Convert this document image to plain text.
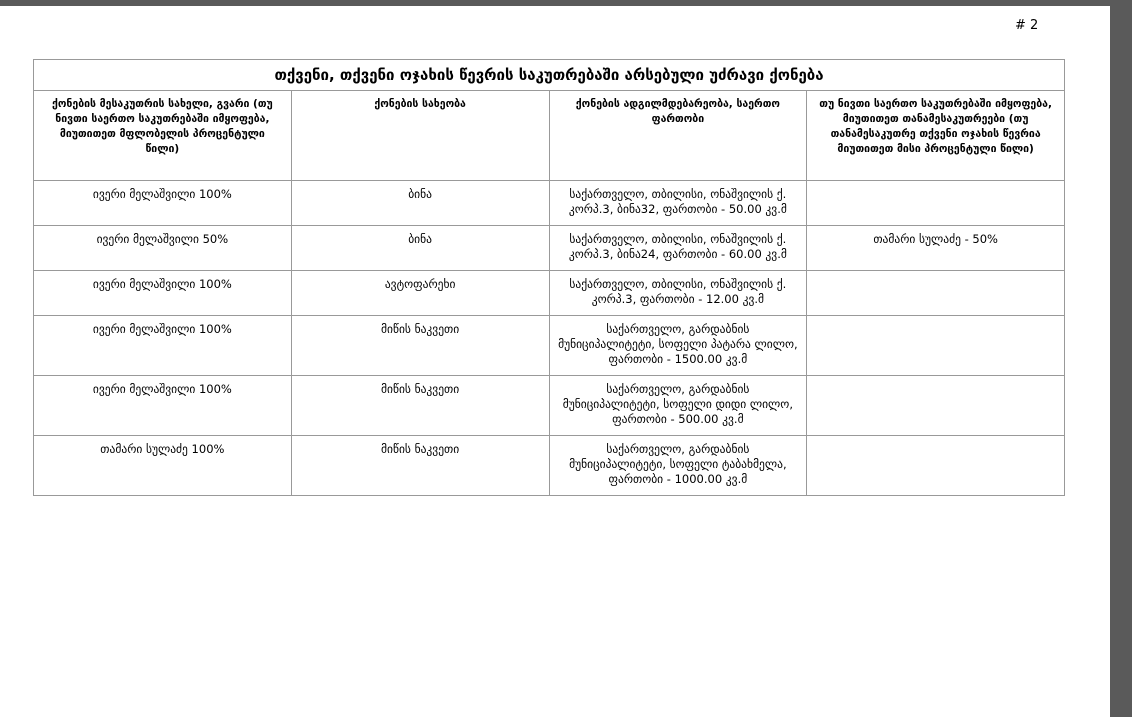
# 2
თქვენი, თქვენი ოჯახის წევრის საკუთრებაში არსებული უძრავი ქონება			
ქონების მესაკუთრის სახელი, გვარი (თუ ნივთი საერთო საკუთრებაში იმყოფება, მიუთითეთ მფლობელის პროცენტული წილი)	ქონების სახეობა	ქონების ადგილმდებარეობა, საერთო ფართობი	თუ ნივთი საერთო საკუთრებაში იმყოფება, მიუთითეთ თანამესაკუთრეები (თუ თანამესაკუთრე თქვენი ოჯახის წევრია მიუთითეთ მისი პროცენტული წილი)
ივერი მელაშვილი 100%	ბინა	საქართველო, თბილისი, ონაშვილის ქ. კორპ.3, ბინა32, ფართობი - 50.00 კვ.მ	
ივერი მელაშვილი 50%	ბინა	საქართველო, თბილისი, ონაშვილის ქ. კორპ.3, ბინა24, ფართობი - 60.00 კვ.მ	თამარი სულაძე - 50%
ივერი მელაშვილი 100%	ავტოფარეხი	საქართველო, თბილისი, ონაშვილის ქ. კორპ.3, ფართობი - 12.00 კვ.მ	
ივერი მელაშვილი 100%	მიწის ნაკვეთი	საქართველო, გარდაბნის მუნიციპალიტეტი, სოფელი პატარა ლილო, ფართობი - 1500.00 კვ.მ	
ივერი მელაშვილი 100%	მიწის ნაკვეთი	საქართველო, გარდაბნის მუნიციპალიტეტი, სოფელი დიდი ლილო, ფართობი - 500.00 კვ.მ	
თამარი სულაძე 100%	მიწის ნაკვეთი	საქართველო, გარდაბნის მუნიციპალიტეტი, სოფელი ტაბახმელა, ფართობი - 1000.00 კვ.მ	
